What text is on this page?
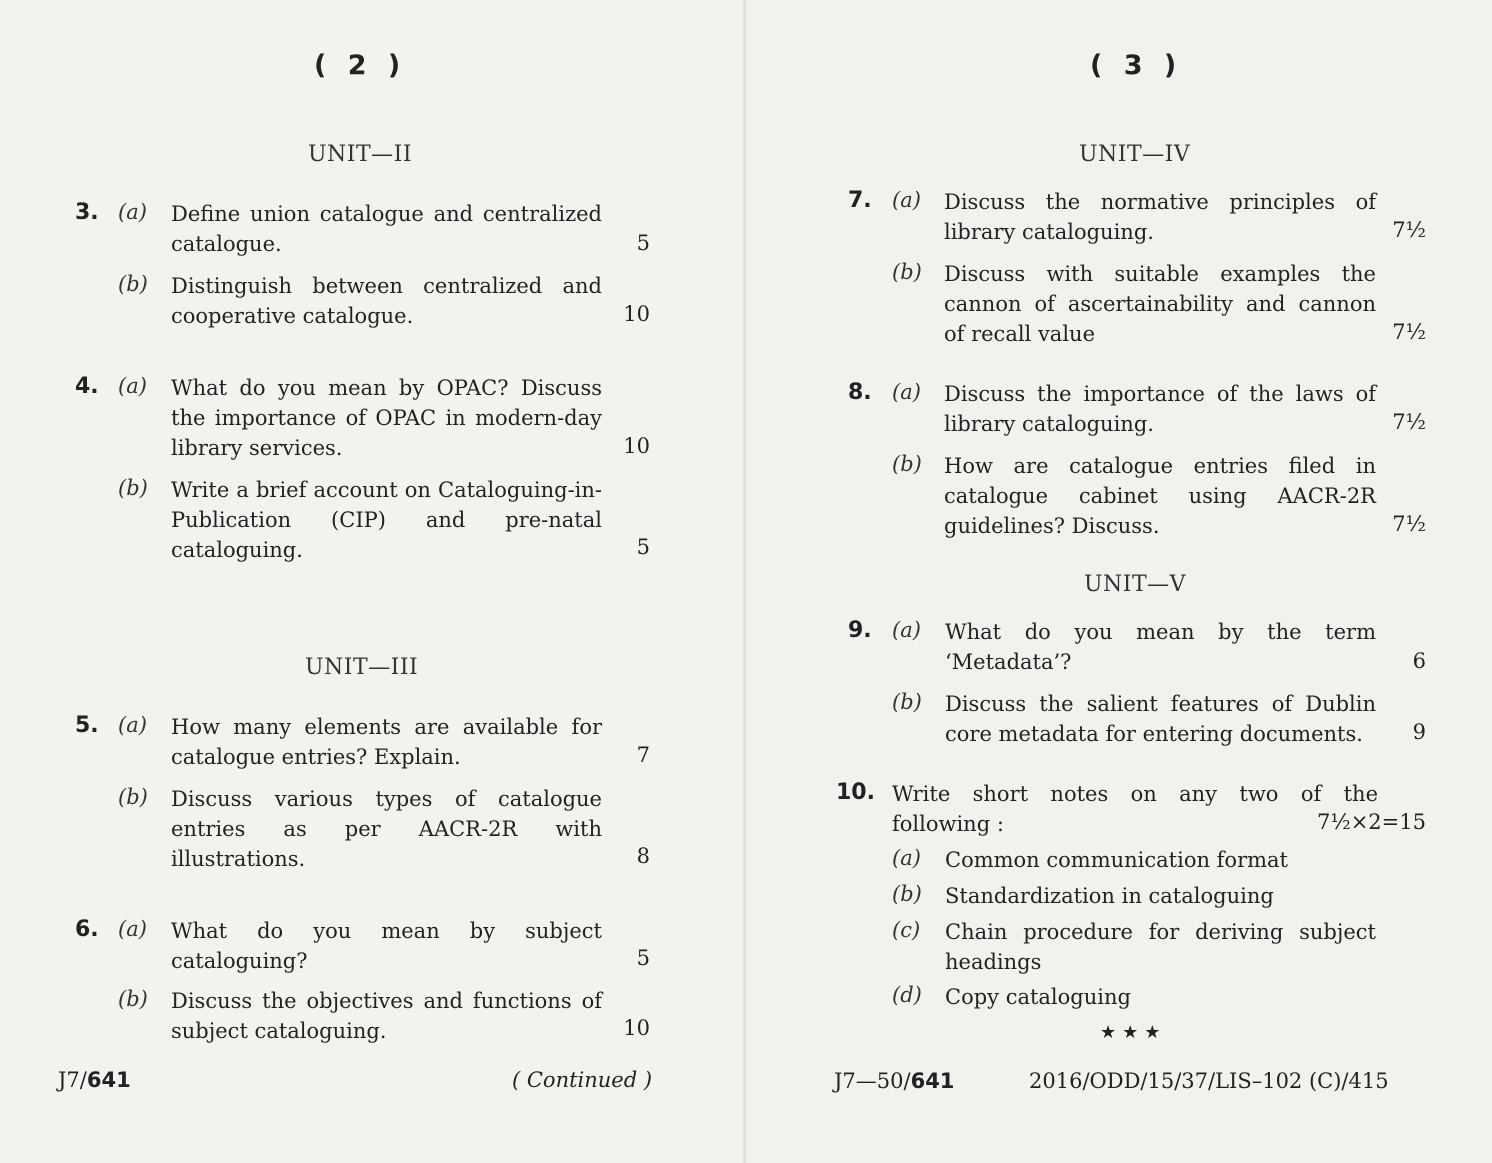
( 2 )
UNIT—II
3. (a) Define union catalogue and centralized
catalogue.	5
(b) Distinguish between centralized and
cooperative catalogue.	10
4. (a) What do you mean by OPAC? Discuss
the importance of OPAC in modern-day
library services.	10
(b) Write a brief account on Cataloguing-in-
Publication (CIP) and pre-natal
cataloguing.	5
UNIT—III
5. (a) How many elements are available for
catalogue entries? Explain.	7
(b) Discuss various types of catalogue
entries as per AACR-2R with
illustrations.	8
6. (a) What do you mean by subject
cataloguing?	5
(b) Discuss the objectives and functions of
subject cataloguing.	10
J7/641	( Continued )
( 3 )
UNIT—IV
7. (a) Discuss the normative principles of
library cataloguing.	7½
(b) Discuss with suitable examples the
cannon of ascertainability and cannon
of recall value	7½
8. (a) Discuss the importance of the laws of
library cataloguing.	7½
(b) How are catalogue entries filed in
catalogue cabinet using AACR-2R
guidelines? Discuss.	7½
UNIT—V
9. (a) What do you mean by the term
‘Metadata’?	6
(b) Discuss the salient features of Dublin
core metadata for entering documents.	9
10. Write short notes on any two of the
following :	7½×2=15
(a) Common communication format
(b) Standardization in cataloguing
(c) Chain procedure for deriving subject
headings
(d) Copy cataloguing
★★★
J7—50/641	2016/ODD/15/37/LIS–102 (C)/415
